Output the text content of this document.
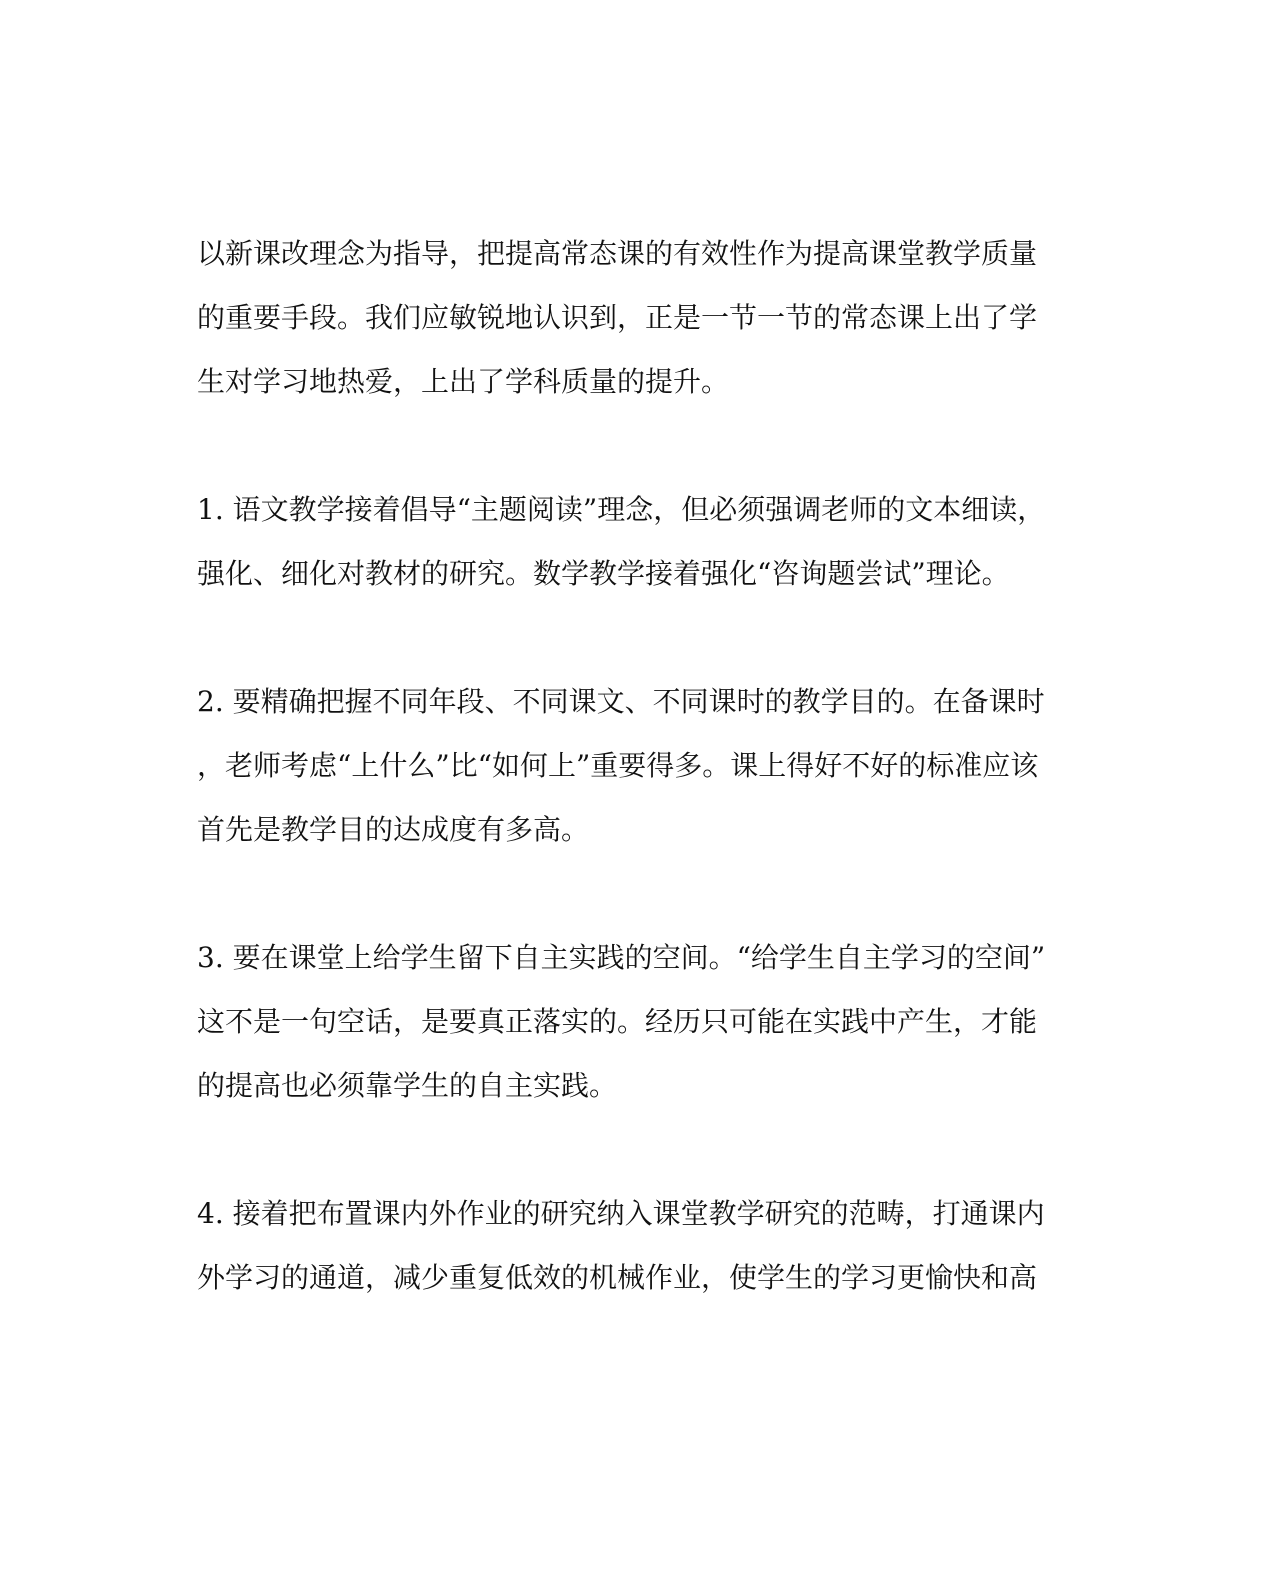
以新课改理念为指导，把提高常态课的有效性作为提高课堂教学质量
的重要手段。我们应敏锐地认识到，正是一节一节的常态课上出了学
生对学习地热爱，上出了学科质量的提升。
1. 语文教学接着倡导“主题阅读”理念，但必须强调老师的文本细读，
强化、细化对教材的研究。数学教学接着强化“咨询题尝试”理论。
2. 要精确把握不同年段、不同课文、不同课时的教学目的。在备课时
，老师考虑“上什么”比“如何上”重要得多。课上得好不好的标准应该
首先是教学目的达成度有多高。
3. 要在课堂上给学生留下自主实践的空间。“给学生自主学习的空间”
这不是一句空话，是要真正落实的。经历只可能在实践中产生，才能
的提高也必须靠学生的自主实践。
4. 接着把布置课内外作业的研究纳入课堂教学研究的范畴，打通课内
外学习的通道，减少重复低效的机械作业，使学生的学习更愉快和高
